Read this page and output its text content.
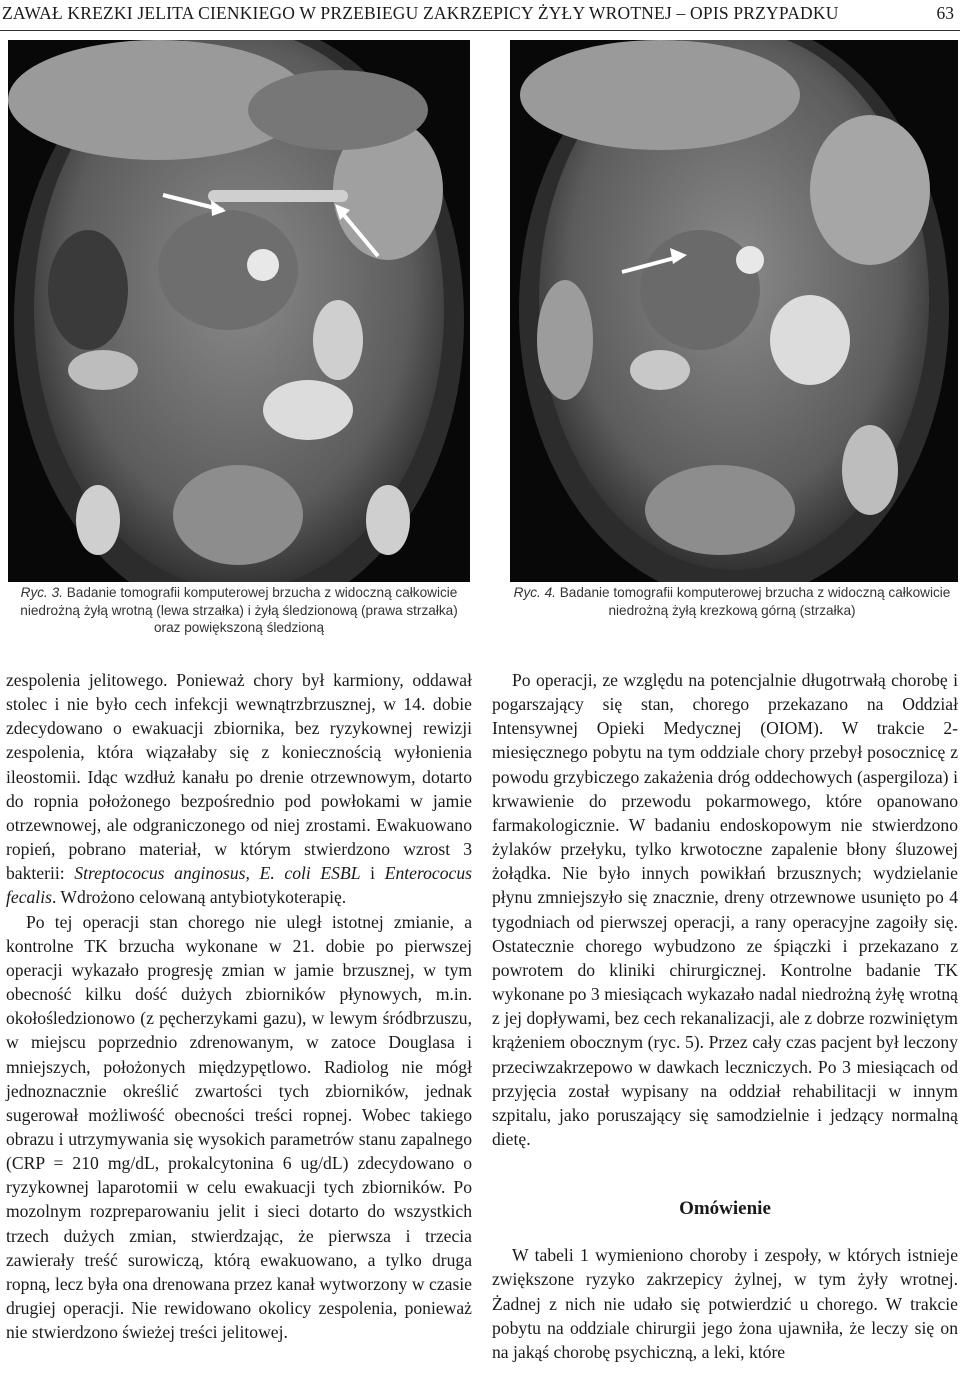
ZAWAŁ KREZKI JELITA CIENKIEGO W PRZEBIEGU ZAKRZEPICY ŻYŁY WROTNEJ – OPIS PRZYPADKU	63
Ryc. 3. Badanie tomografii komputerowej brzucha z widoczną całkowicie niedrożną żyłą wrotną (lewa strzałka) i żyłą śledzionową (prawa strzałka) oraz powiększoną śledzioną
Ryc. 4. Badanie tomografii komputerowej brzucha z widoczną całkowicie niedrożną żyłą krezkową górną (strzałka)

zespolenia jelitowego. Ponieważ chory był karmiony, oddawał stolec i nie było cech infekcji wewnątrzbrzusznej, w 14. dobie zdecydowano o ewakuacji zbiornika, bez ryzykownej rewizji zespolenia, która wiązałaby się z koniecznością wyłonienia ileostomii. Idąc wzdłuż kanału po drenie otrzewnowym, dotarto do ropnia położonego bezpośrednio pod powłokami w jamie otrzewnowej, ale odgraniczonego od niej zrostami. Ewakuowano ropień, pobrano materiał, w którym stwierdzono wzrost 3 bakterii: Streptococus anginosus, E. coli ESBL i Enterococus fecalis. Wdrożono celowaną antybiotykoterapię.

Po tej operacji stan chorego nie uległ istotnej zmianie, a kontrolne TK brzucha wykonane w 21. dobie po pierwszej operacji wykazało progresję zmian w jamie brzusznej, w tym obecność kilku dość dużych zbiorników płynowych, m.in. okołośledzionowo (z pęcherzykami gazu), w lewym śródbrzuszu, w miejscu poprzednio zdrenowanym, w zatoce Douglasa i mniejszych, położonych międzypętlowo. Radiolog nie mógł jednoznacznie określić zwartości tych zbiorników, jednak sugerował możliwość obecności treści ropnej. Wobec takiego obrazu i utrzymywania się wysokich parametrów stanu zapalnego (CRP = 210 mg/dL, prokalcytonina 6 ug/dL) zdecydowano o ryzykownej laparotomii w celu ewakuacji tych zbiorników. Po mozolnym rozpreparowaniu jelit i sieci dotarto do wszystkich trzech dużych zmian, stwierdzając, że pierwsza i trzecia zawierały treść surowiczą, którą ewakuowano, a tylko druga ropną, lecz była ona drenowana przez kanał wytworzony w czasie drugiej operacji. Nie rewidowano okolicy zespolenia, ponieważ nie stwierdzono świeżej treści jelitowej.

Po operacji, ze względu na potencjalnie długotrwałą chorobę i pogarszający się stan, chorego przekazano na Oddział Intensywnej Opieki Medycznej (OIOM). W trakcie 2-miesięcznego pobytu na tym oddziale chory przebył posocznicę z powodu grzybiczego zakażenia dróg oddechowych (aspergiloza) i krwawienie do przewodu pokarmowego, które opanowano farmakologicznie. W badaniu endoskopowym nie stwierdzono żylaków przełyku, tylko krwotoczne zapalenie błony śluzowej żołądka. Nie było innych powikłań brzusznych; wydzielanie płynu zmniejszyło się znacznie, dreny otrzewnowe usunięto po 4 tygodniach od pierwszej operacji, a rany operacyjne zagoiły się. Ostatecznie chorego wybudzono ze śpiączki i przekazano z powrotem do kliniki chirurgicznej. Kontrolne badanie TK wykonane po 3 miesiącach wykazało nadal niedrożną żyłę wrotną z jej dopływami, bez cech rekanalizacji, ale z dobrze rozwiniętym krążeniem obocznym (ryc. 5). Przez cały czas pacjent był leczony przeciwzakrzepowo w dawkach leczniczych. Po 3 miesiącach od przyjęcia został wypisany na oddział rehabilitacji w innym szpitalu, jako poruszający się samodzielnie i jedzący normalną dietę.

Omówienie

W tabeli 1 wymieniono choroby i zespoły, w których istnieje zwiększone ryzyko zakrzepicy żylnej, w tym żyły wrotnej. Żadnej z nich nie udało się potwierdzić u chorego. W trakcie pobytu na oddziale chirurgii jego żona ujawniła, że leczy się on na jakąś chorobę psychiczną, a leki, które
